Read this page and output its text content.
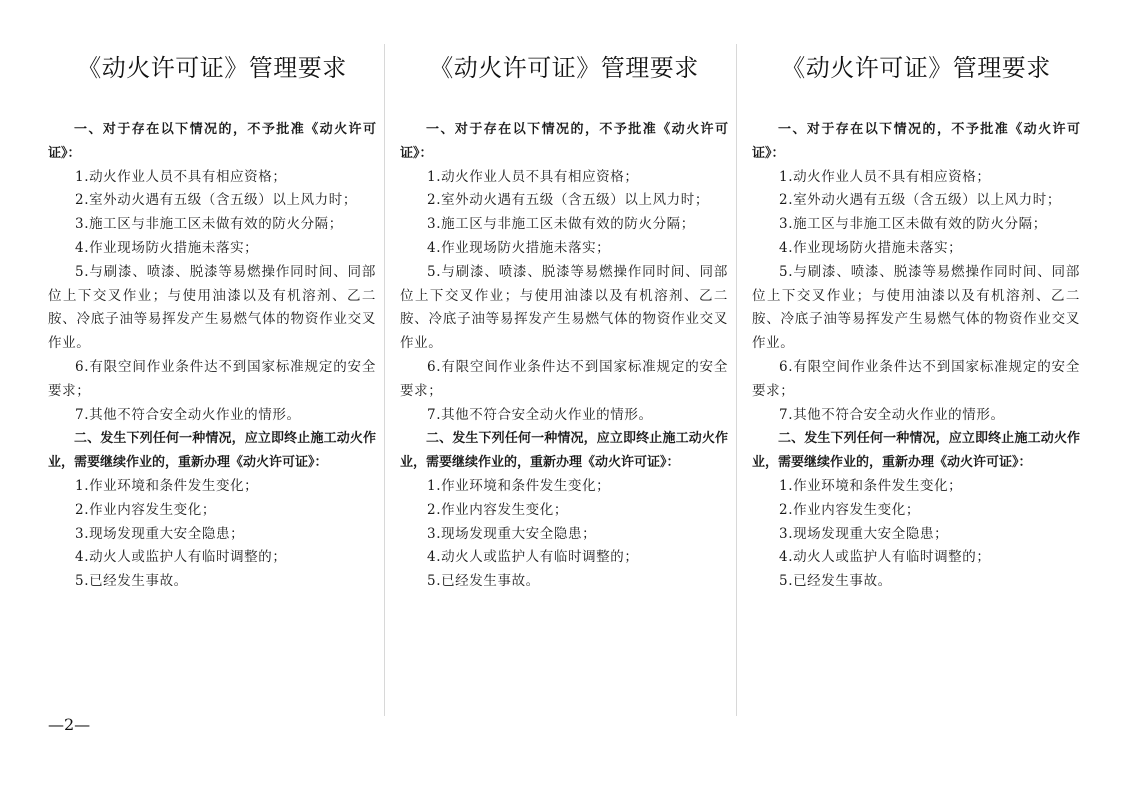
《动火许可证》管理要求

一、对于存在以下情况的，不予批准《动火许可证》：

1.动火作业人员不具有相应资格；

2.室外动火遇有五级（含五级）以上风力时；

3.施工区与非施工区未做有效的防火分隔；

4.作业现场防火措施未落实；

5.与刷漆、喷漆、脱漆等易燃操作同时间、同部位上下交叉作业；与使用油漆以及有机溶剂、乙二胺、冷底子油等易挥发产生易燃气体的物资作业交叉作业。

6.有限空间作业条件达不到国家标准规定的安全要求；

7.其他不符合安全动火作业的情形。

二、发生下列任何一种情况，应立即终止施工动火作业，需要继续作业的，重新办理《动火许可证》：

1.作业环境和条件发生变化；

2.作业内容发生变化；

3.现场发现重大安全隐患；

4.动火人或监护人有临时调整的；

5.已经发生事故。

《动火许可证》管理要求

一、对于存在以下情况的，不予批准《动火许可证》：

1.动火作业人员不具有相应资格；

2.室外动火遇有五级（含五级）以上风力时；

3.施工区与非施工区未做有效的防火分隔；

4.作业现场防火措施未落实；

5.与刷漆、喷漆、脱漆等易燃操作同时间、同部位上下交叉作业；与使用油漆以及有机溶剂、乙二胺、冷底子油等易挥发产生易燃气体的物资作业交叉作业。

6.有限空间作业条件达不到国家标准规定的安全要求；

7.其他不符合安全动火作业的情形。

二、发生下列任何一种情况，应立即终止施工动火作业，需要继续作业的，重新办理《动火许可证》：

1.作业环境和条件发生变化；

2.作业内容发生变化；

3.现场发现重大安全隐患；

4.动火人或监护人有临时调整的；

5.已经发生事故。

《动火许可证》管理要求

一、对于存在以下情况的，不予批准《动火许可证》：

1.动火作业人员不具有相应资格；

2.室外动火遇有五级（含五级）以上风力时；

3.施工区与非施工区未做有效的防火分隔；

4.作业现场防火措施未落实；

5.与刷漆、喷漆、脱漆等易燃操作同时间、同部位上下交叉作业；与使用油漆以及有机溶剂、乙二胺、冷底子油等易挥发产生易燃气体的物资作业交叉作业。

6.有限空间作业条件达不到国家标准规定的安全要求；

7.其他不符合安全动火作业的情形。

二、发生下列任何一种情况，应立即终止施工动火作业，需要继续作业的，重新办理《动火许可证》：

1.作业环境和条件发生变化；

2.作业内容发生变化；

3.现场发现重大安全隐患；

4.动火人或监护人有临时调整的；

5.已经发生事故。

—2—
